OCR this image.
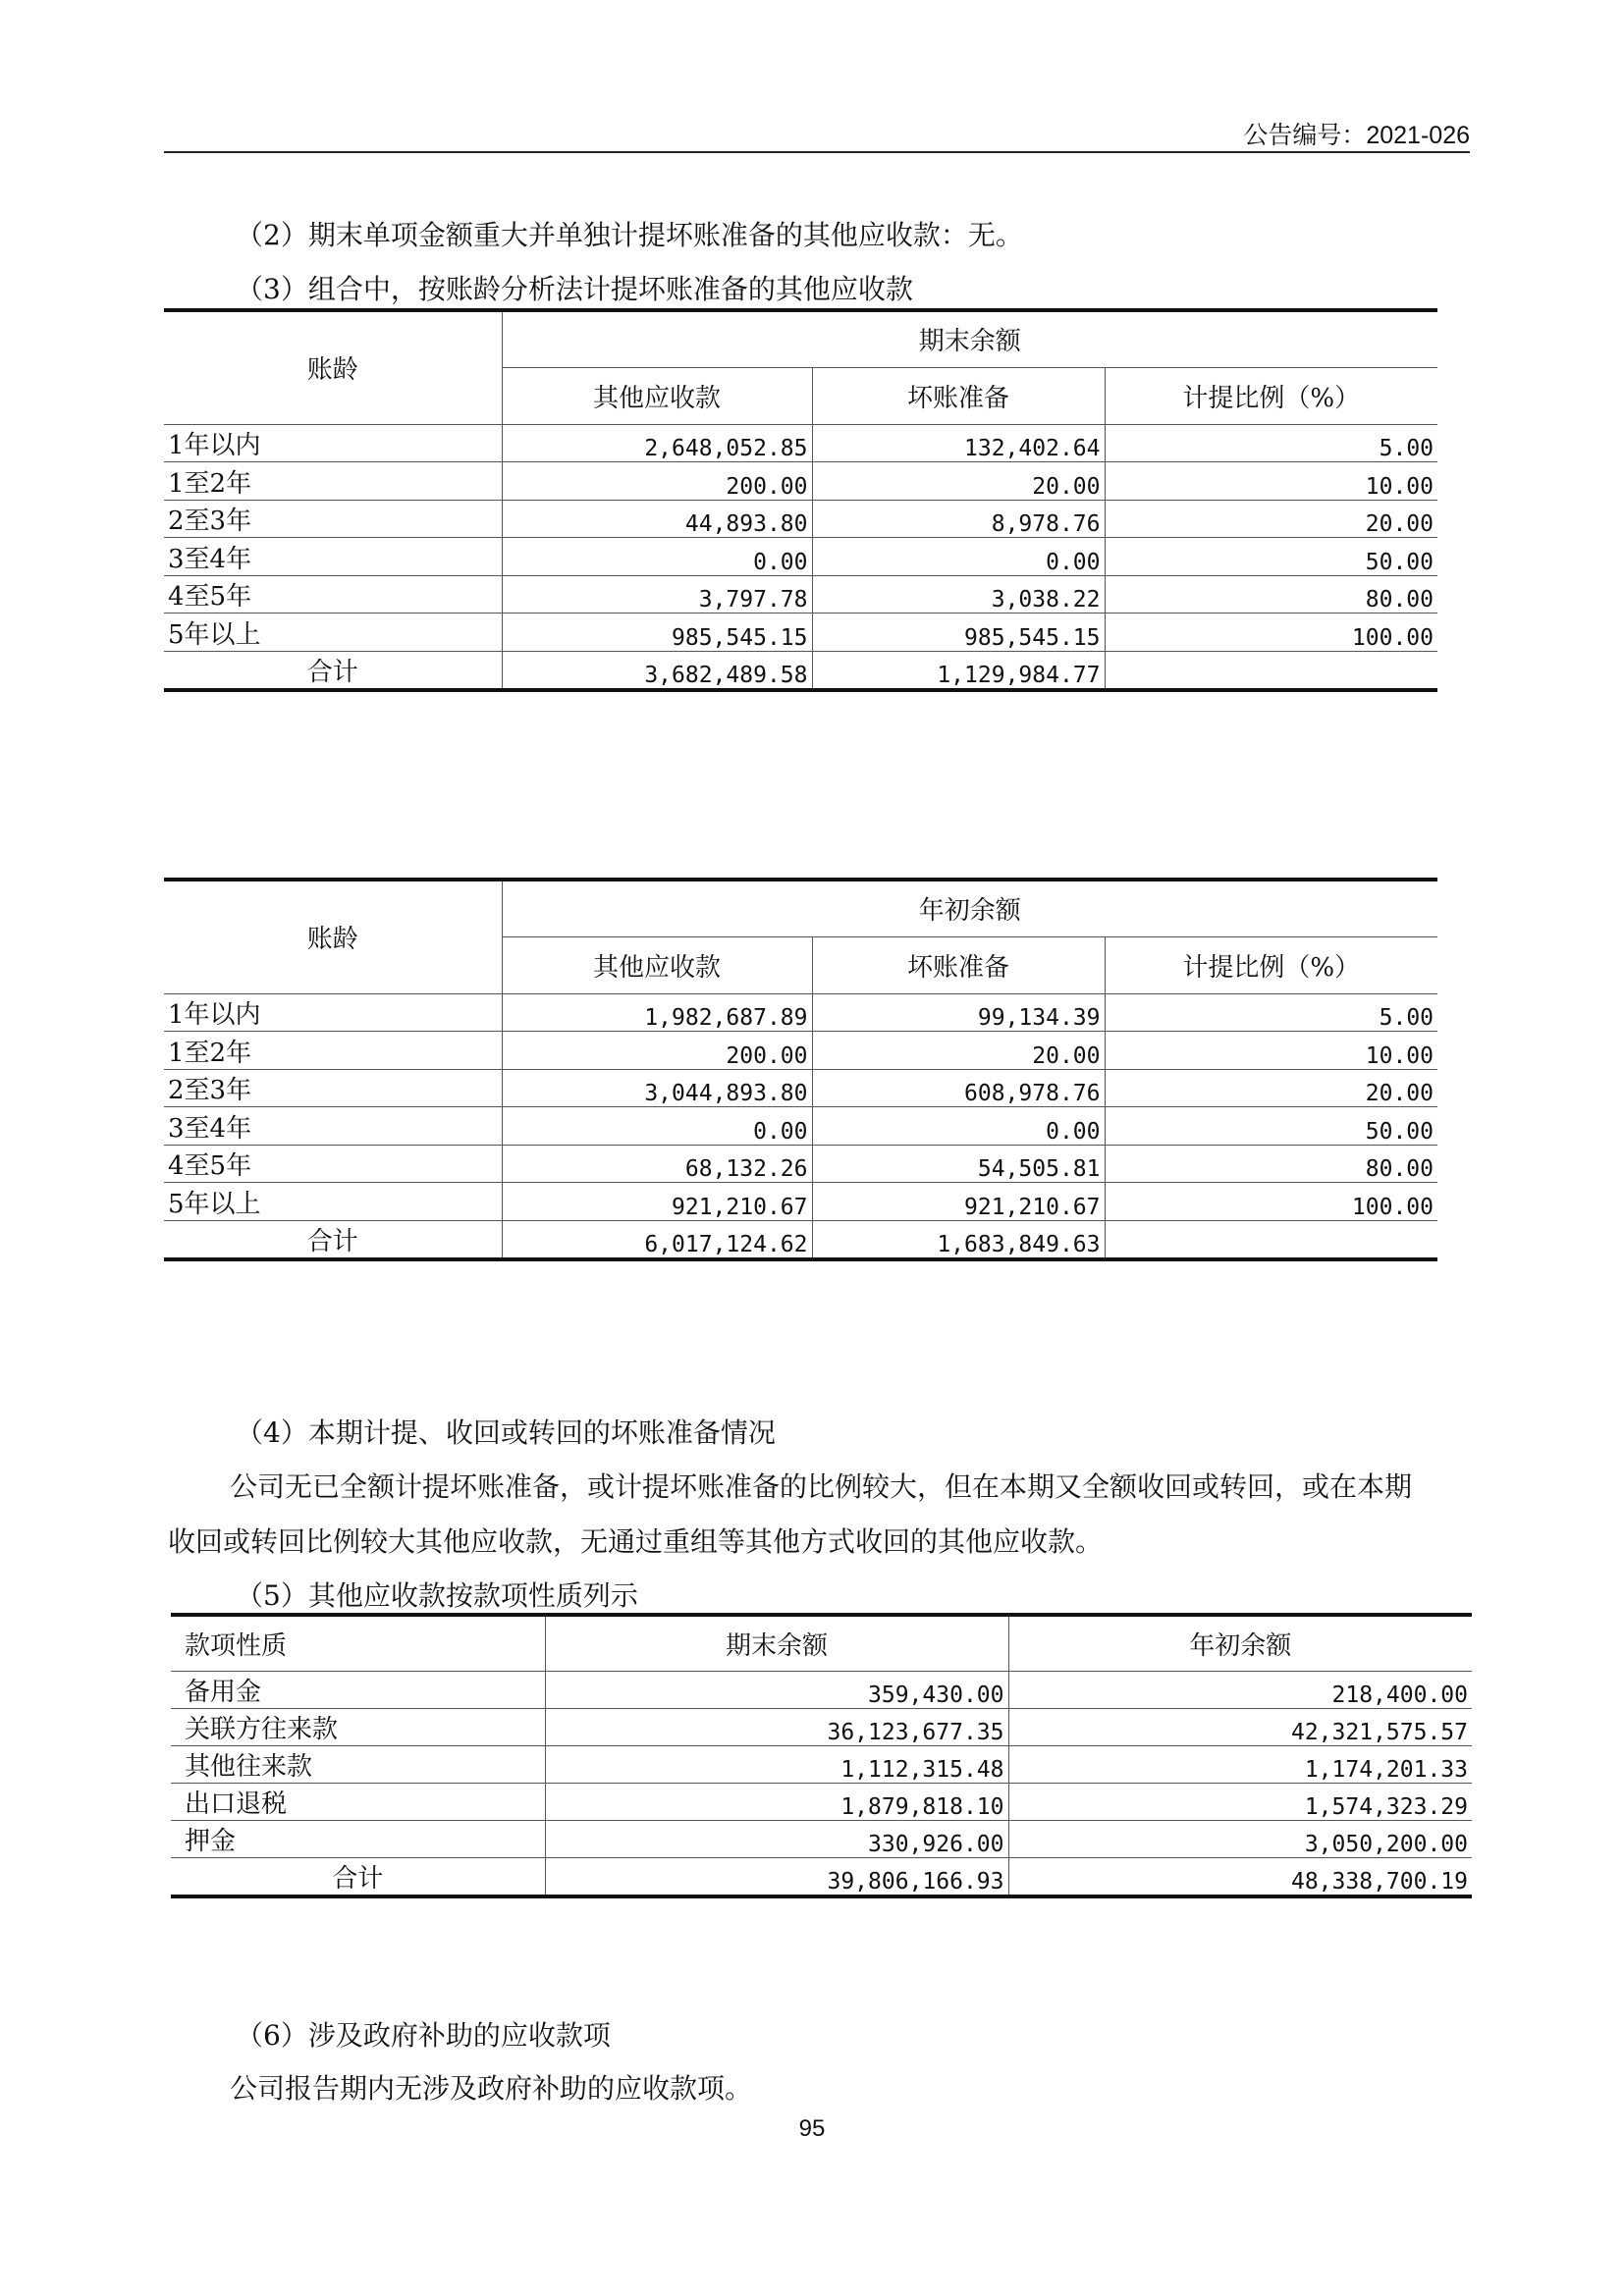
公告编号：2021-026
（2）期末单项金额重大并单独计提坏账准备的其他应收款：无。
（3）组合中，按账龄分析法计提坏账准备的其他应收款
账龄	期末余额		
	其他应收款	坏账准备	计提比例（%）
1年以内	2,648,052.85	132,402.64	5.00
1至2年	200.00	20.00	10.00
2至3年	44,893.80	8,978.76	20.00
3至4年	0.00	0.00	50.00
4至5年	3,797.78	3,038.22	80.00
5年以上	985,545.15	985,545.15	100.00
合计	3,682,489.58	1,129,984.77	
账龄	年初余额		
	其他应收款	坏账准备	计提比例（%）
1年以内	1,982,687.89	99,134.39	5.00
1至2年	200.00	20.00	10.00
2至3年	3,044,893.80	608,978.76	20.00
3至4年	0.00	0.00	50.00
4至5年	68,132.26	54,505.81	80.00
5年以上	921,210.67	921,210.67	100.00
合计	6,017,124.62	1,683,849.63	
（4）本期计提、收回或转回的坏账准备情况
公司无已全额计提坏账准备，或计提坏账准备的比例较大，但在本期又全额收回或转回，或在本期
收回或转回比例较大其他应收款，无通过重组等其他方式收回的其他应收款。
（5）其他应收款按款项性质列示
款项性质	期末余额	年初余额
备用金	359,430.00	218,400.00
关联方往来款	36,123,677.35	42,321,575.57
其他往来款	1,112,315.48	1,174,201.33
出口退税	1,879,818.10	1,574,323.29
押金	330,926.00	3,050,200.00
合计	39,806,166.93	48,338,700.19
（6）涉及政府补助的应收款项
公司报告期内无涉及政府补助的应收款项。
95
